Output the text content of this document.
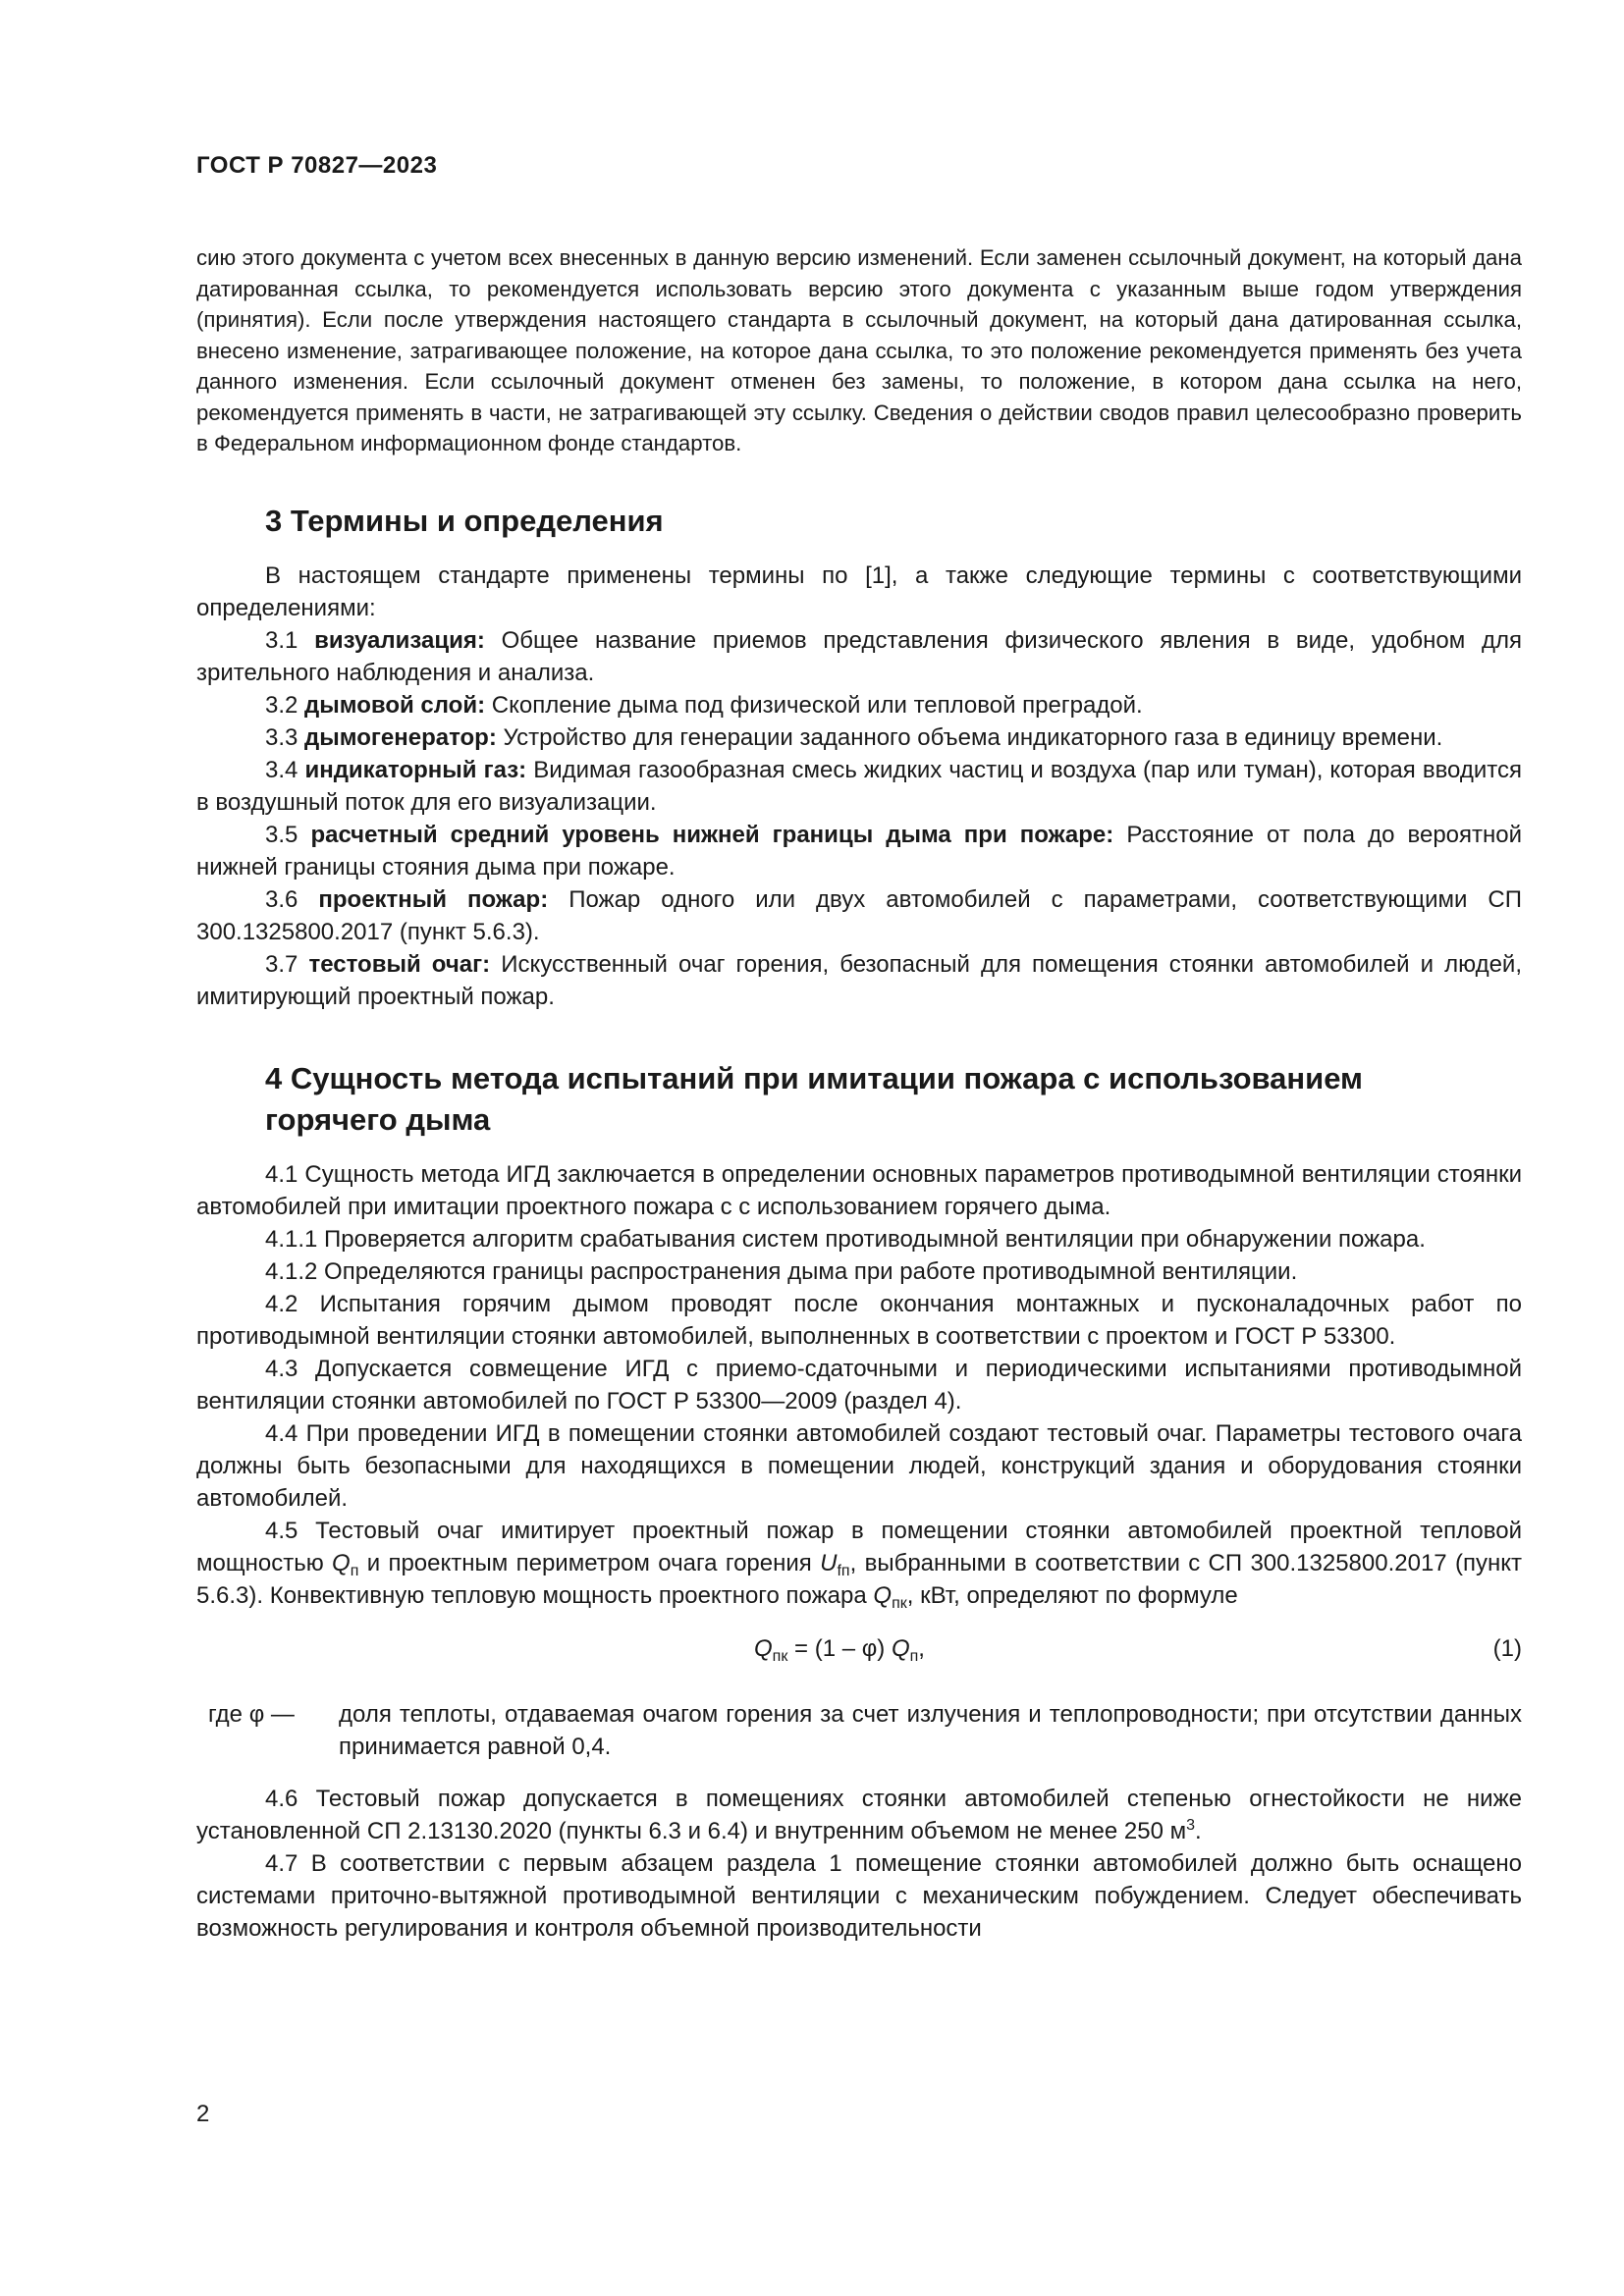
ГОСТ Р 70827—2023

сию этого документа с учетом всех внесенных в данную версию изменений. Если заменен ссылочный документ, на который дана датированная ссылка, то рекомендуется использовать версию этого документа с указанным выше годом утверждения (принятия). Если после утверждения настоящего стандарта в ссылочный документ, на который дана датированная ссылка, внесено изменение, затрагивающее положение, на которое дана ссылка, то это положение рекомендуется применять без учета данного изменения. Если ссылочный документ отменен без замены, то положение, в котором дана ссылка на него, рекомендуется применять в части, не затрагивающей эту ссылку. Сведения о действии сводов правил целесообразно проверить в Федеральном информационном фонде стандартов.

3 Термины и определения

В настоящем стандарте применены термины по [1], а также следующие термины с соответствующими определениями:

3.1 визуализация: Общее название приемов представления физического явления в виде, удобном для зрительного наблюдения и анализа.

3.2 дымовой слой: Скопление дыма под физической или тепловой преградой.

3.3 дымогенератор: Устройство для генерации заданного объема индикаторного газа в единицу времени.

3.4 индикаторный газ: Видимая газообразная смесь жидких частиц и воздуха (пар или туман), которая вводится в воздушный поток для его визуализации.

3.5 расчетный средний уровень нижней границы дыма при пожаре: Расстояние от пола до вероятной нижней границы стояния дыма при пожаре.

3.6 проектный пожар: Пожар одного или двух автомобилей с параметрами, соответствующими СП 300.1325800.2017 (пункт 5.6.3).

3.7 тестовый очаг: Искусственный очаг горения, безопасный для помещения стоянки автомобилей и людей, имитирующий проектный пожар.

4 Сущность метода испытаний при имитации пожара с использованием
горячего дыма

4.1 Сущность метода ИГД заключается в определении основных параметров противодымной вентиляции стоянки автомобилей при имитации проектного пожара с с использованием горячего дыма.

4.1.1 Проверяется алгоритм срабатывания систем противодымной вентиляции при обнаружении пожара.

4.1.2 Определяются границы распространения дыма при работе противодымной вентиляции.

4.2 Испытания горячим дымом проводят после окончания монтажных и пусконаладочных работ по противодымной вентиляции стоянки автомобилей, выполненных в соответствии с проектом и ГОСТ Р 53300.

4.3 Допускается совмещение ИГД с приемо-сдаточными и периодическими испытаниями противодымной вентиляции стоянки автомобилей по ГОСТ Р 53300—2009 (раздел 4).

4.4 При проведении ИГД в помещении стоянки автомобилей создают тестовый очаг. Параметры тестового очага должны быть безопасными для находящихся в помещении людей, конструкций здания и оборудования стоянки автомобилей.

4.5 Тестовый очаг имитирует проектный пожар в помещении стоянки автомобилей проектной тепловой мощностью $Q_п$ и проектным периметром очага горения $U_{fп}$, выбранными в соответствии с СП 300.1325800.2017 (пункт 5.6.3). Конвективную тепловую мощность проектного пожара $Q_{пк}$, кВт, определяют по формуле

$Q_{пк} = (1 - \varphi)$ $Q_п$,	(1)
где φ —	доля теплоты, отдаваемая очагом горения за счет излучения и теплопроводности; при отсутствии данных принимается равной 0,4.

4.6 Тестовый пожар допускается в помещениях стоянки автомобилей степенью огнестойкости не ниже установленной СП 2.13130.2020 (пункты 6.3 и 6.4) и внутренним объемом не менее 250 $м^3$.

4.7 В соответствии с первым абзацем раздела 1 помещение стоянки автомобилей должно быть оснащено системами приточно-вытяжной противодымной вентиляции с механическим побуждением. Следует обеспечивать возможность регулирования и контроля объемной производительности

2
